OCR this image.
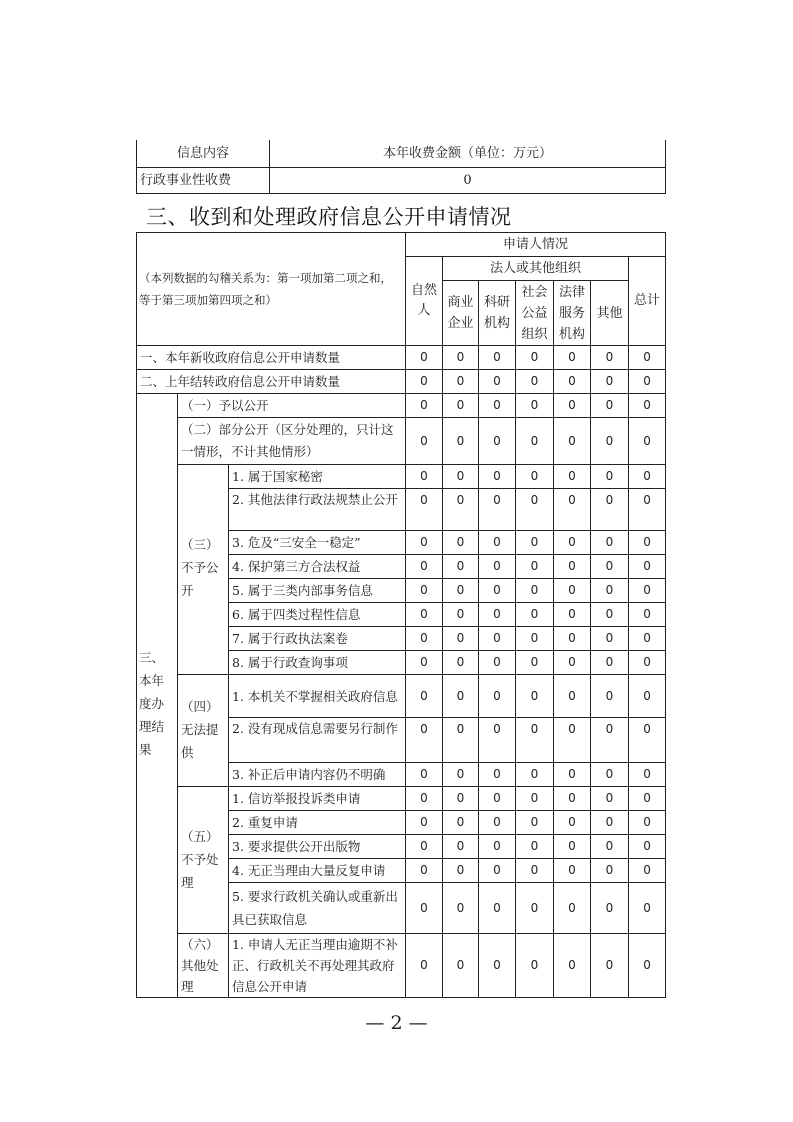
信息内容	本年收费金额（单位：万元）
行政事业性收费	0
三、收到和处理政府信息公开申请情况
（本列数据的勾稽关系为：第一项加第二项之和，等于第三项加第四项之和）			申请人情况						
			自然人	法人或其他组织					总计
				商业企业	科研机构	社会公益组织	法律服务机构	其他	
一、本年新收政府信息公开申请数量			0	0	0	0	0	0	0
二、上年结转政府信息公开申请数量			0	0	0	0	0	0	0
三、本年度办理结果	（一）予以公开		0	0	0	0	0	0	0
	（二）部分公开（区分处理的，只计这一情形，不计其他情形）		0	0	0	0	0	0	0
	（三）不予公开	1. 属于国家秘密	0	0	0	0	0	0	0
		2. 其他法律行政法规禁止公开	0	0	0	0	0	0	0
		3. 危及“三安全一稳定”	0	0	0	0	0	0	0
		4. 保护第三方合法权益	0	0	0	0	0	0	0
		5. 属于三类内部事务信息	0	0	0	0	0	0	0
		6. 属于四类过程性信息	0	0	0	0	0	0	0
		7. 属于行政执法案卷	0	0	0	0	0	0	0
		8. 属于行政查询事项	0	0	0	0	0	0	0
	（四）无法提供	1. 本机关不掌握相关政府信息	0	0	0	0	0	0	0
		2. 没有现成信息需要另行制作	0	0	0	0	0	0	0
		3. 补正后申请内容仍不明确	0	0	0	0	0	0	0
	（五）不予处理	1. 信访举报投诉类申请	0	0	0	0	0	0	0
		2. 重复申请	0	0	0	0	0	0	0
		3. 要求提供公开出版物	0	0	0	0	0	0	0
		4. 无正当理由大量反复申请	0	0	0	0	0	0	0
		5. 要求行政机关确认或重新出具已获取信息	0	0	0	0	0	0	0
	（六）其他处理	1. 申请人无正当理由逾期不补正、行政机关不再处理其政府信息公开申请	0	0	0	0	0	0	0
— 2 —
